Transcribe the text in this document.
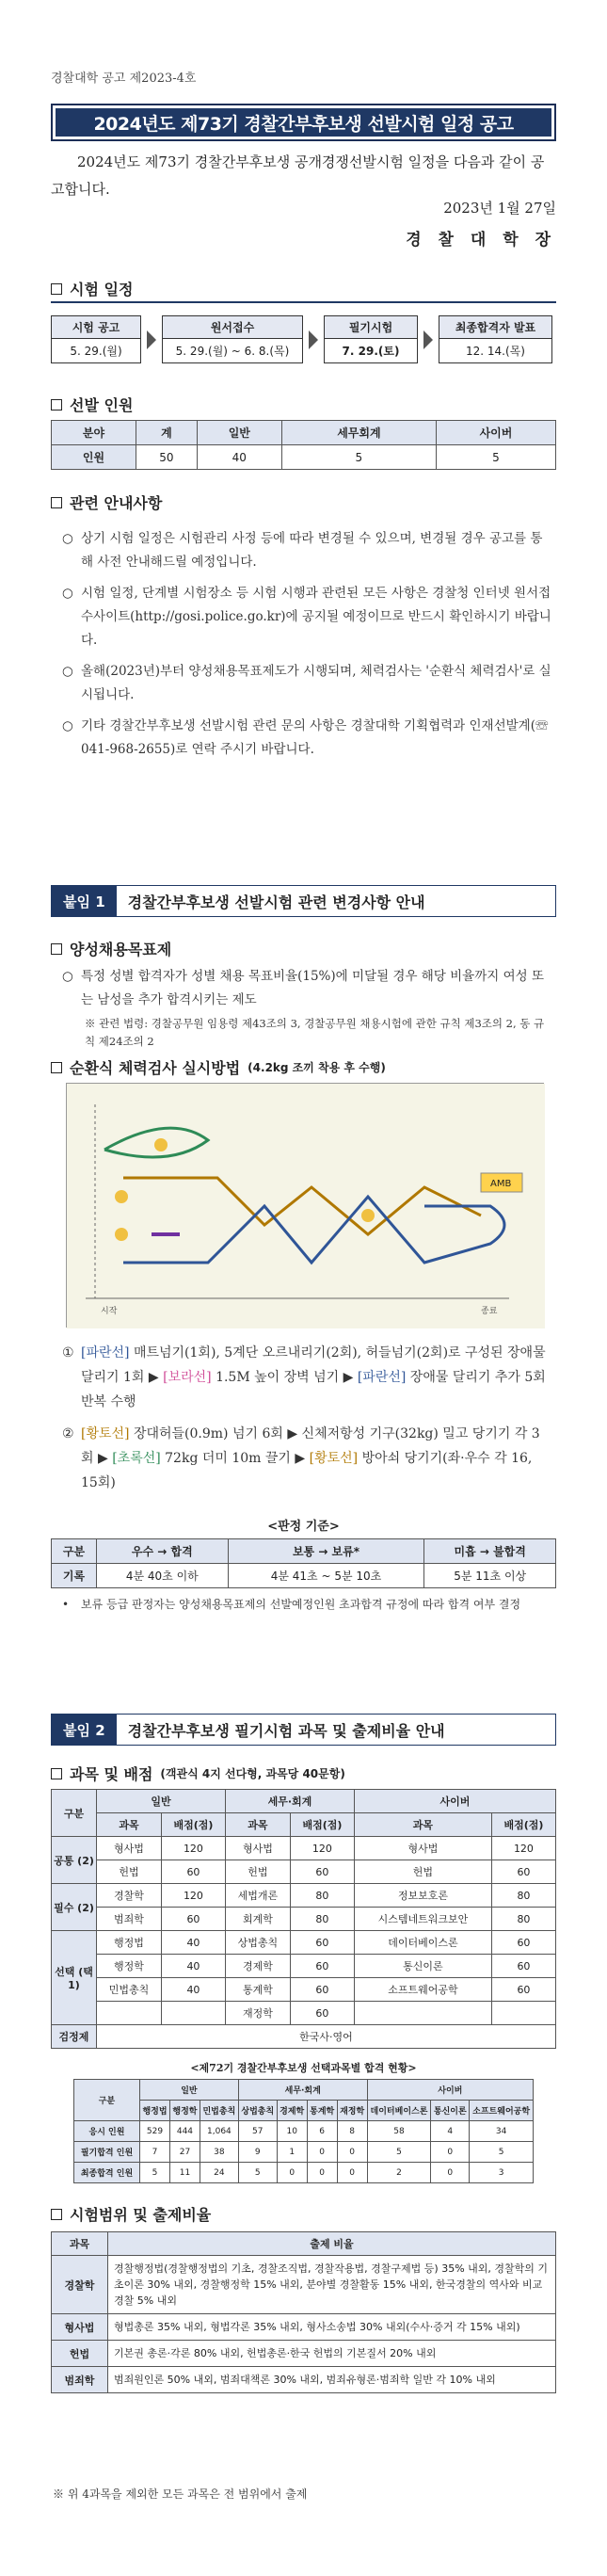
경찰대학 공고 제2023-4호
2024년도 제73기 경찰간부후보생 선발시험 일정 공고
2024년도 제73기 경찰간부후보생 공개경쟁선발시험 일정을 다음과 같이 공고합니다.
2023년 1월 27일
경 찰 대 학 장
시험 일정
시험 공고
5. 29.(월)
원서접수
5. 29.(월) ~ 6. 8.(목)
필기시험
7. 29.(토)
최종합격자 발표
12. 14.(목)
선발 인원
분야	계	일반	세무회계	사이버
인원	50	40	5	5
관련 안내사항
○ 상기 시험 일정은 시험관리 사정 등에 따라 변경될 수 있으며, 변경될 경우 공고를 통해 사전 안내해드릴 예정입니다.
○ 시험 일정, 단계별 시험장소 등 시험 시행과 관련된 모든 사항은 경찰청 인터넷 원서접수사이트(http://gosi.police.go.kr)에 공지될 예정이므로 반드시 확인하시기 바랍니다.
○ 올해(2023년)부터 양성채용목표제도가 시행되며, 체력검사는 '순환식 체력검사'로 실시됩니다.
○ 기타 경찰간부후보생 선발시험 관련 문의 사항은 경찰대학 기획협력과 인재선발계(☏ 041-968-2655)로 연락 주시기 바랍니다.
붙임 1	경찰간부후보생 선발시험 관련 변경사항 안내
양성채용목표제
○ 특정 성별 합격자가 성별 채용 목표비율(15%)에 미달될 경우 해당 비율까지 여성 또는 남성을 추가 합격시키는 제도
※ 관련 법령: 경찰공무원 임용령 제43조의 3, 경찰공무원 채용시험에 관한 규칙 제3조의 2, 동 규칙 제24조의 2
순환식 체력검사 실시방법 (4.2kg 조끼 착용 후 수행)
AMB
시작	종료
① [파란선] 매트넘기(1회), 5계단 오르내리기(2회), 허들넘기(2회)로 구성된 장애물 달리기 1회 ▶ [보라선] 1.5M 높이 장벽 넘기 ▶ [파란선] 장애물 달리기 추가 5회 반복 수행
② [황토선] 장대허들(0.9m) 넘기 6회 ▶ 신체저항성 기구(32kg) 밀고 당기기 각 3회 ▶ [초록선] 72kg 더미 10m 끌기 ▶ [황토선] 방아쇠 당기기(좌·우수 각 16, 15회)
<판정 기준>
구분	우수 → 합격	보통 → 보류*	미흡 → 불합격
기록	4분 40초 이하	4분 41초 ~ 5분 10초	5분 11초 이상
•	보류 등급 판정자는 양성채용목표제의 선발예정인원 초과합격 규정에 따라 합격 여부 결정
붙임 2	경찰간부후보생 필기시험 과목 및 출제비율 안내
과목 및 배점 (객관식 4지 선다형, 과목당 40문항)
구분	일반		세무·회계		사이버	
	과목	배점(점)	과목	배점(점)	과목	배점(점)
공통 (2)	형사법	120	형사법	120	형사법	120
	헌법	60	헌법	60	헌법	60
필수 (2)	경찰학	120	세법개론	80	정보보호론	80
	범죄학	60	회계학	80	시스템네트워크보안	80
선택 (택1)	행정법	40	상법총칙	60	데이터베이스론	60
	행정학	40	경제학	60	통신이론	60
	민법총칙	40	통계학	60	소프트웨어공학	60
			재정학	60		
검정제	한국사·영어					
<제72기 경찰간부후보생 선택과목별 합격 현황>
구분	일반			세무·회계				사이버		
	행정법	행정학	민법총칙	상법총칙	경제학	통계학	재정학	데이터베이스론	통신이론	소프트웨어공학
응시 인원	529	444	1,064	57	10	6	8	58	4	34
필기합격 인원	7	27	38	9	1	0	0	5	0	5
최종합격 인원	5	11	24	5	0	0	0	2	0	3
시험범위 및 출제비율
과목	출제 비율
경찰학	경찰행정법(경찰행정법의 기초, 경찰조직법, 경찰작용법, 경찰구제법 등) 35% 내외, 경찰학의 기초이론 30% 내외, 경찰행정학 15% 내외, 분야별 경찰활동 15% 내외, 한국경찰의 역사와 비교경찰 5% 내외
형사법	형법총론 35% 내외, 형법각론 35% 내외, 형사소송법 30% 내외(수사·증거 각 15% 내외)
헌법	기본권 총론·각론 80% 내외, 헌법총론·한국 헌법의 기본질서 20% 내외
범죄학	범죄원인론 50% 내외, 범죄대책론 30% 내외, 범죄유형론·범죄학 일반 각 10% 내외
※ 위 4과목을 제외한 모든 과목은 전 범위에서 출제
